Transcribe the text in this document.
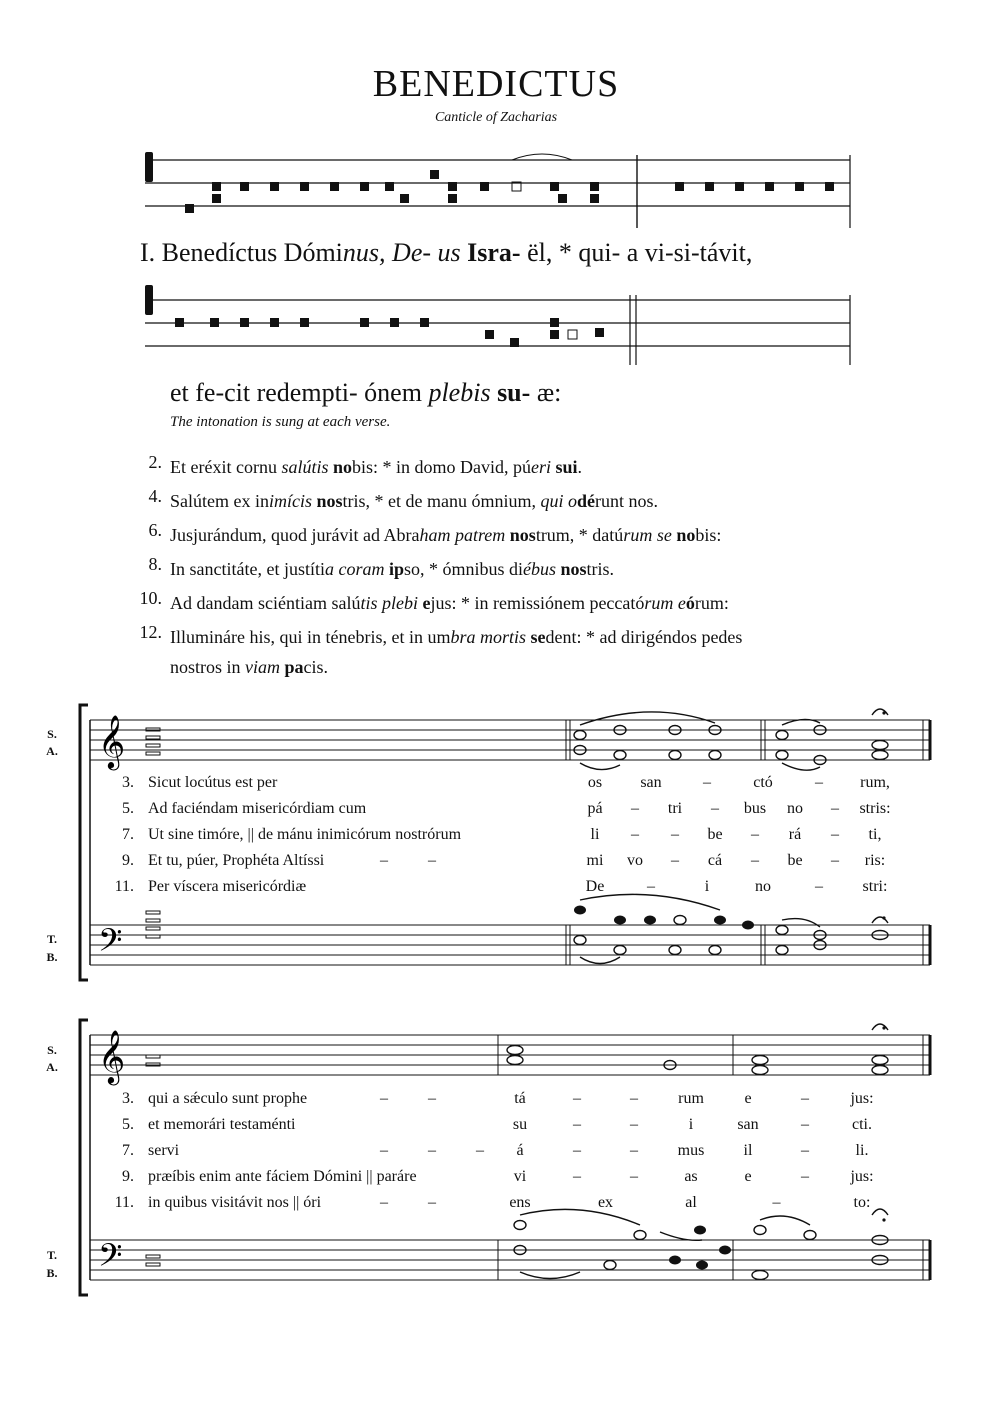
BENEDICTUS
Canticle of Zacharias
I. Benedíctus Dóminus, De- us Isra- ël, * qui- a vi-si-távit,
et fe-cit redempti- ónem plebis su- æ:
The intonation is sung at each verse.
2. Et eréxit cornu salútis nobis: * in domo David, púeri sui.
4. Salútem ex inimícis nostris, * et de manu ómnium, qui odérunt nos.
6. Jusjurándum, quod jurávit ad Abraham patrem nostrum, * datúrum se nobis:
8. In sanctitáte, et justítia coram ipso, * ómnibus diébus nostris.
10. Ad dandam sciéntiam salútis plebi ejus: * in remissiónem peccatórum eórum:
12. Illumináre his, qui in ténebris, et in umbra mortis sedent: * ad dirigéndos pedes
nostros in viam pacis.
S.
A.
T.
B.
𝄞
𝄢
3. Sicut locútus est per	os	san	–	ctó	–	rum,
5. Ad faciéndam misericórdiam cum	pá	–	tri	–	bus	no	–	stris:
7. Ut sine timóre, || de mánu inimicórum nostrórum	li	–	–	be	–	rá	–	ti,
9. Et tu, púer, Prophéta Altíssi	–          –	mi	vo	–	cá	–	be	–	ris:
11. Per víscera misericórdiæ	De	–	i	no	–	stri:
S.
A.
T.
B.
𝄞
𝄢
3. qui a sǽculo sunt prophe	–          –	tá	–	–	rum	e	–	jus:
5. et memorári testaménti	su	–	–	i	san	–	cti.
7. servi	–          –          –	á	–	–	mus	il	–	li.
9. præíbis enim ante fáciem Dómini || paráre	vi	–	–	as	e	–	jus:
11. in quibus visitávit nos || óri	–          –	ens	ex	al	–	to:
